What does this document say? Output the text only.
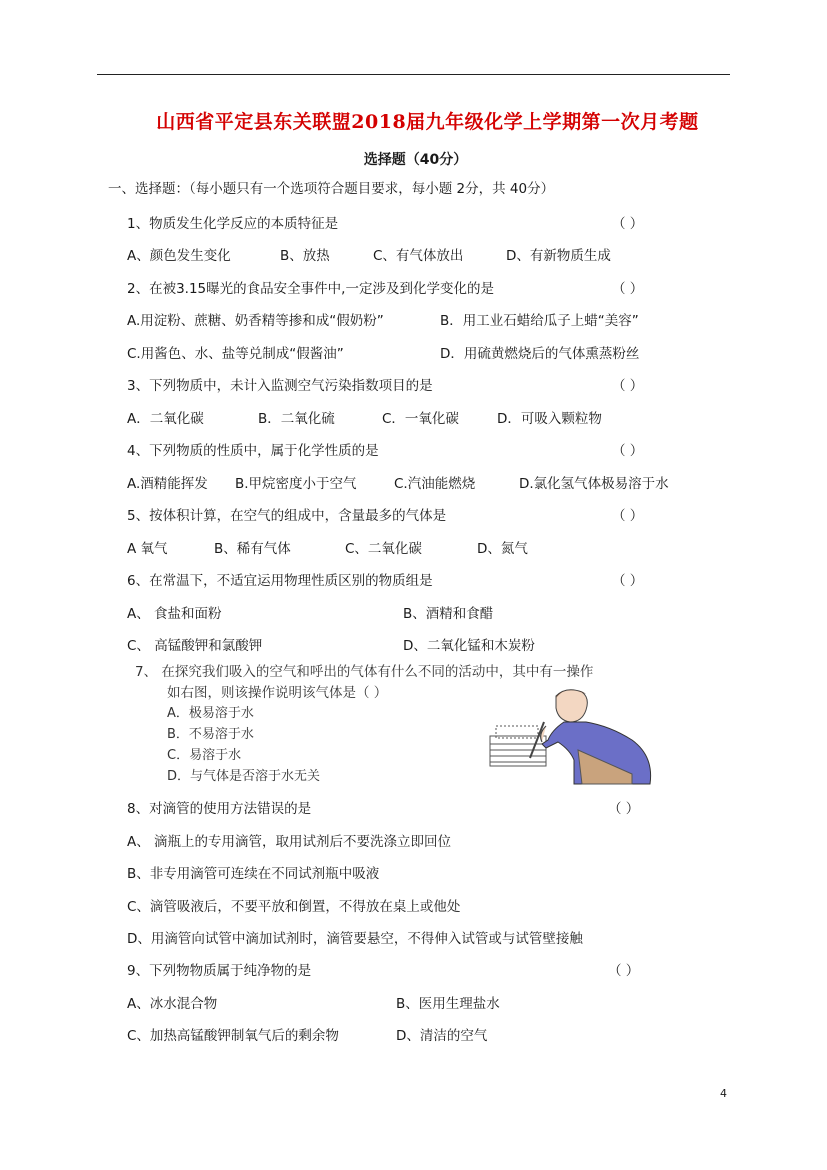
山西省平定县东关联盟2018届九年级化学上学期第一次月考题
选择题（40分）
一、选择题：（每小题只有一个选项符合题目要求，每小题 2分，共 40分）
1、物质发生化学反应的本质特征是	（ ）
A、颜色发生变化	B、放热	C、有气体放出	D、有新物质生成
2、在被3.15曝光的食品安全事件中,一定涉及到化学变化的是	（ ）
A.用淀粉、蔗糖、奶香精等掺和成“假奶粉”	B．用工业石蜡给瓜子上蜡“美容”
C.用酱色、水、盐等兑制成“假酱油”	D．用硫黄燃烧后的气体熏蒸粉丝
3、下列物质中，未计入监测空气污染指数项目的是	（ ）
A．二氧化碳	B．二氧化硫	C．一氧化碳	D．可吸入颗粒物
4、下列物质的性质中，属于化学性质的是	（ ）
A.酒精能挥发 B.甲烷密度小于空气	C.汽油能燃烧	D.氯化氢气体极易溶于水
5、按体积计算，在空气的组成中，含量最多的气体是	（ ）
A 氧气	B、稀有气体	C、二氧化碳	D、氮气
6、在常温下，不适宜运用物理性质区别的物质组是	（ ）
A、 食盐和面粉	B、酒精和食醋
C、 高锰酸钾和氯酸钾	D、二氧化锰和木炭粉
7、 在探究我们吸入的空气和呼出的气体有什么不同的活动中，其中有一操作
如右图，则该操作说明该气体是（ ）
A．极易溶于水
B．不易溶于水
C．易溶于水
D．与气体是否溶于水无关
8、对滴管的使用方法错误的是	（ ）
A、 滴瓶上的专用滴管，取用试剂后不要洗涤立即回位
B、非专用滴管可连续在不同试剂瓶中吸液
C、滴管吸液后，不要平放和倒置，不得放在桌上或他处
D、用滴管向试管中滴加试剂时，滴管要悬空，不得伸入试管或与试管壁接触
9、下列物物质属于纯净物的是	（ ）
A、冰水混合物	B、医用生理盐水
C、加热高锰酸钾制氧气后的剩余物	D、清洁的空气
4
